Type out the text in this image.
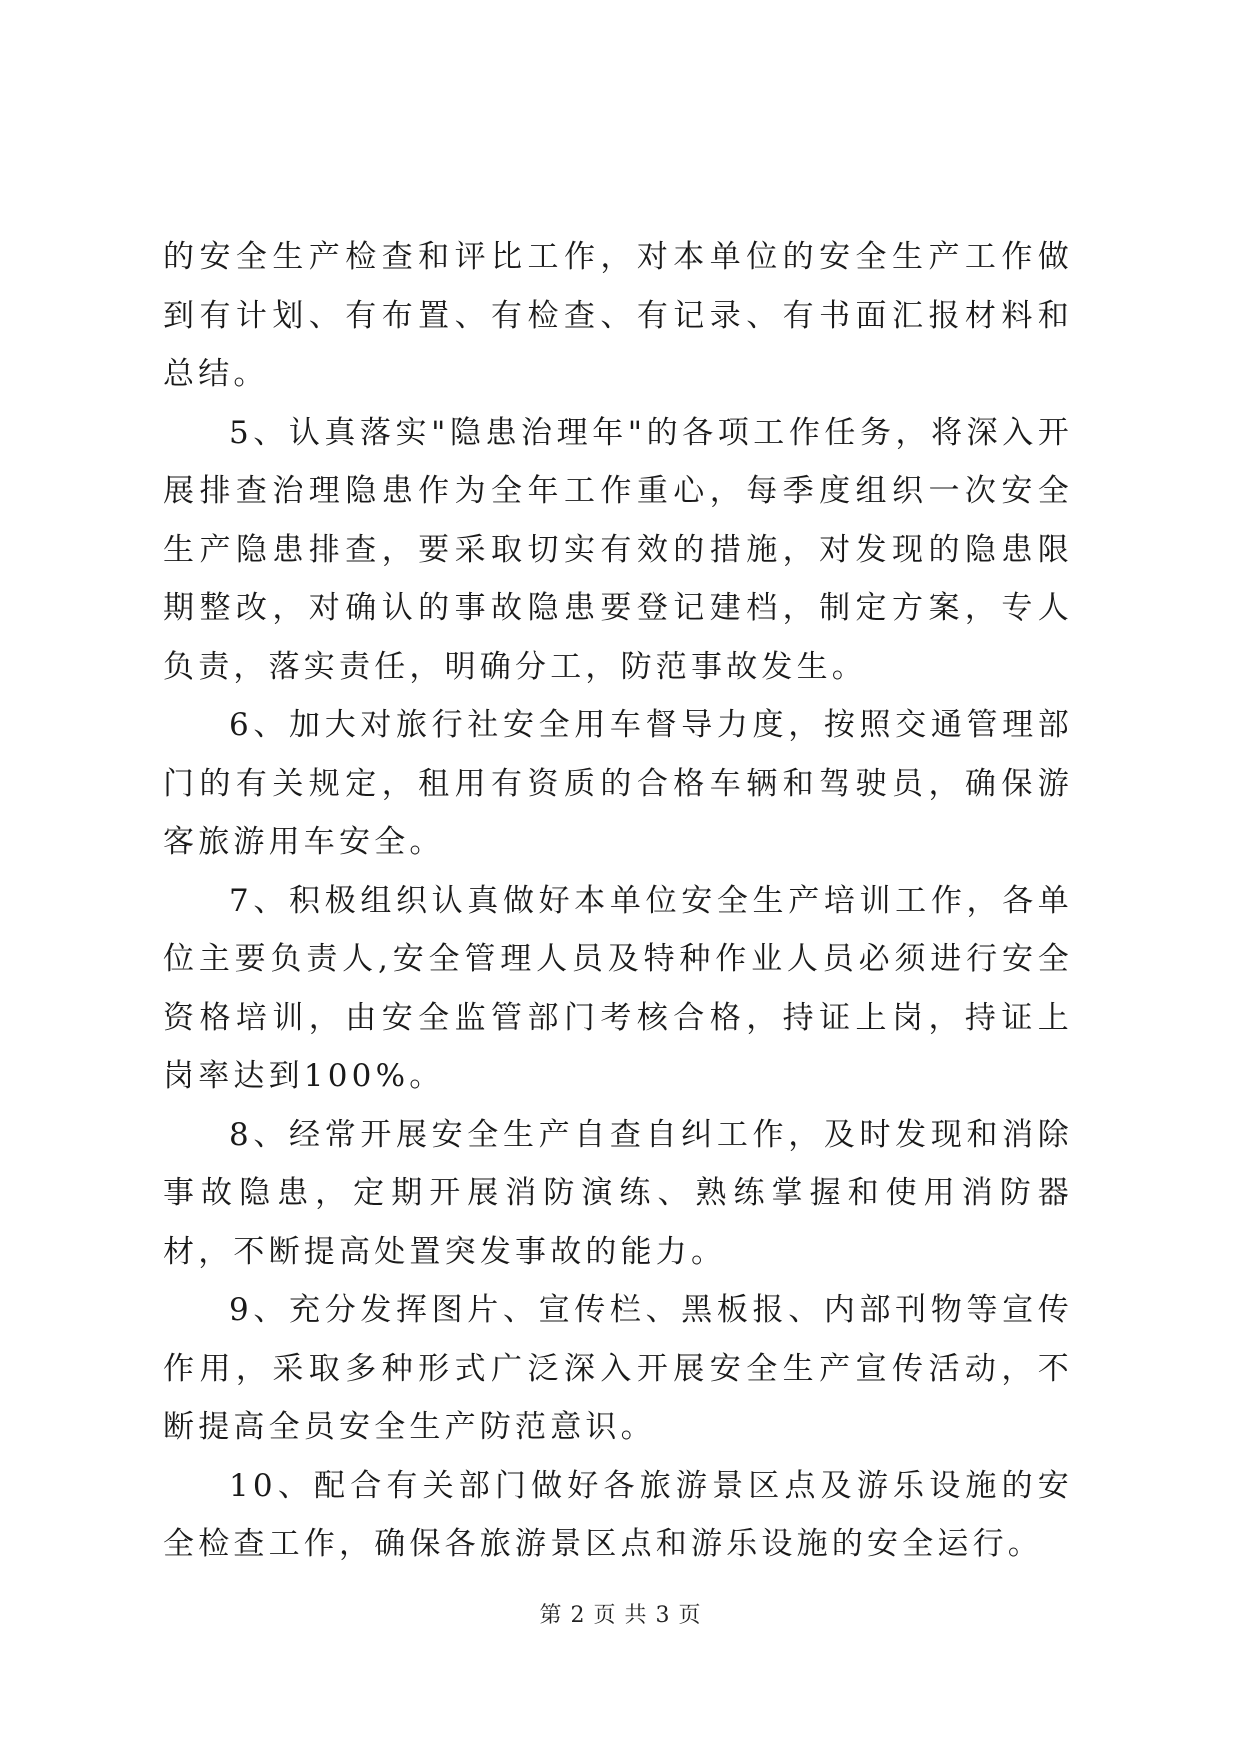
的安全生产检查和评比工作，对本单位的安全生产工作做到有计划、有布置、有检查、有记录、有书面汇报材料和总结。

5、认真落实"隐患治理年"的各项工作任务，将深入开展排查治理隐患作为全年工作重心，每季度组织一次安全生产隐患排查，要采取切实有效的措施，对发现的隐患限期整改，对确认的事故隐患要登记建档，制定方案，专人负责，落实责任，明确分工，防范事故发生。

6、加大对旅行社安全用车督导力度，按照交通管理部门的有关规定，租用有资质的合格车辆和驾驶员，确保游客旅游用车安全。

7、积极组织认真做好本单位安全生产培训工作，各单位主要负责人,安全管理人员及特种作业人员必须进行安全资格培训，由安全监管部门考核合格，持证上岗，持证上岗率达到100%。

8、经常开展安全生产自查自纠工作，及时发现和消除事故隐患，定期开展消防演练、熟练掌握和使用消防器材，不断提高处置突发事故的能力。

9、充分发挥图片、宣传栏、黑板报、内部刊物等宣传作用，采取多种形式广泛深入开展安全生产宣传活动，不断提高全员安全生产防范意识。

10、配合有关部门做好各旅游景区点及游乐设施的安全检查工作，确保各旅游景区点和游乐设施的安全运行。

第 2 页 共 3 页
